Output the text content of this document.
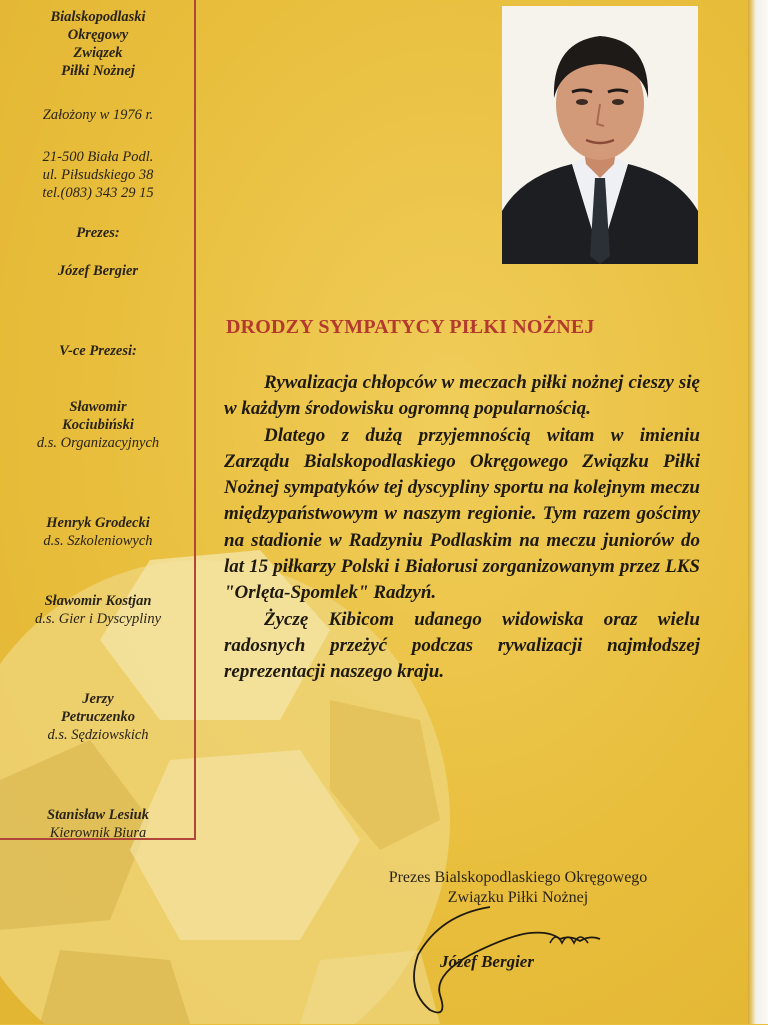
Bialskopodlaski
Okręgowy
Związek
Piłki Nożnej
Założony w 1976 r.
21-500 Biała Podl.
ul. Piłsudskiego 38
tel.(083) 343 29 15
Prezes:
Józef Bergier
V-ce Prezesi:
Sławomir
Kociubiński
d.s. Organizacyjnych
Henryk Grodecki
d.s. Szkoleniowych
Sławomir Kostjan
d.s. Gier i Dyscypliny
Jerzy
Petruczenko
d.s. Sędziowskich
Stanisław Lesiuk
Kierownik Biura
DRODZY SYMPATYCY PIŁKI NOŻNEJ

Rywalizacja chłopców w meczach piłki nożnej cieszy się w każdym środowisku ogromną popularnością.

Dlatego z dużą przyjemnością witam w imieniu Zarządu Bialskopodlaskiego Okręgowego Związku Piłki Nożnej sympatyków tej dyscypliny sportu na kolejnym meczu międzypaństwowym w naszym regionie. Tym razem gościmy na stadionie w Radzyniu Podlaskim na meczu juniorów do lat 15 piłkarzy Polski i Białorusi zorganizowanym przez LKS "Orlęta-Spomlek" Radzyń.

Życzę Kibicom udanego widowiska oraz wielu radosnych przeżyć podczas rywalizacji najmłodszej reprezentacji naszego kraju.

Prezes Bialskopodlaskiego Okręgowego
Związku Piłki Nożnej
Józef Bergier
